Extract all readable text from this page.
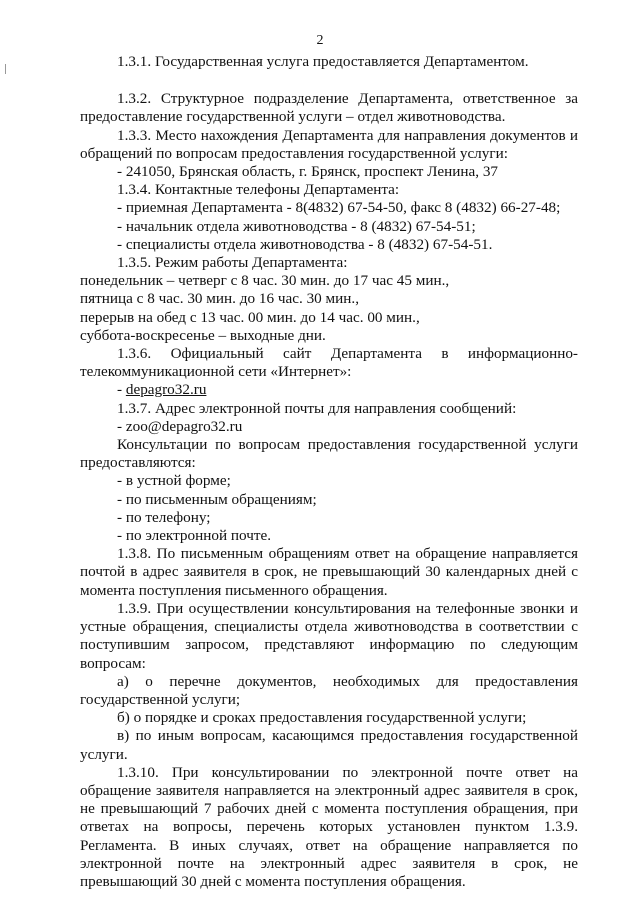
2

1.3.1. Государственная услуга предоставляется Департаментом.

1.3.2. Структурное подразделение Департамента, ответственное за предоставление государственной услуги – отдел животноводства.

1.3.3. Место нахождения Департамента для направления документов и обращений по вопросам предоставления государственной услуги:

- 241050, Брянская область, г. Брянск, проспект Ленина, 37

1.3.4. Контактные телефоны Департамента:

- приемная Департамента - 8(4832) 67-54-50, факс 8 (4832) 66-27-48;

- начальник отдела животноводства - 8 (4832) 67-54-51;

- специалисты отдела животноводства - 8 (4832) 67-54-51.

1.3.5. Режим работы Департамента:

понедельник – четверг с 8 час. 30 мин. до 17 час 45 мин.,

пятница с 8 час. 30 мин. до 16 час. 30 мин.,

перерыв на обед с 13 час. 00 мин. до 14 час. 00 мин.,

суббота-воскресенье – выходные дни.

1.3.6. Официальный сайт Департамента в информационно-телекоммуникационной сети «Интернет»:

- depagro32.ru

1.3.7. Адрес электронной почты для направления сообщений:

- zoo@depagro32.ru

Консультации по вопросам предоставления государственной услуги предоставляются:

- в устной форме;

- по письменным обращениям;

- по телефону;

- по электронной почте.

1.3.8. По письменным обращениям ответ на обращение направляется почтой в адрес заявителя в срок, не превышающий 30 календарных дней с момента поступления письменного обращения.

1.3.9. При осуществлении консультирования на телефонные звонки и устные обращения, специалисты отдела животноводства в соответствии с поступившим запросом, представляют информацию по следующим вопросам:

а) о перечне документов, необходимых для предоставления государственной услуги;

б) о порядке и сроках предоставления государственной услуги;

в) по иным вопросам, касающимся предоставления государственной услуги.

1.3.10. При консультировании по электронной почте ответ на обращение заявителя направляется на электронный адрес заявителя в срок, не превышающий 7 рабочих дней с момента поступления обращения, при ответах на вопросы, перечень которых установлен пунктом 1.3.9. Регламента. В иных случаях, ответ на обращение направляется по электронной почте на электронный адрес заявителя в срок, не превышающий 30 дней с момента поступления обращения.
